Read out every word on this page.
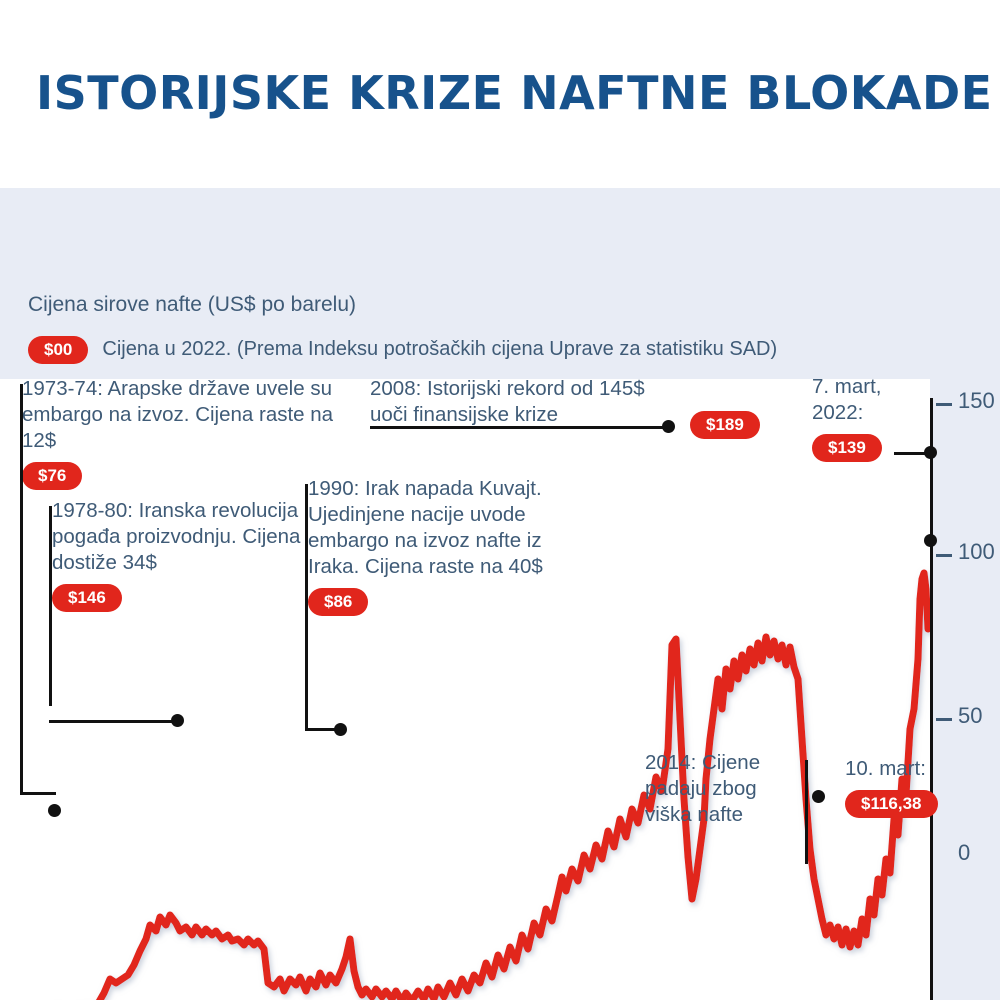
ISTORIJSKE KRIZE NAFTNE BLOKADE
Cijena sirove nafte (US$ po barelu)
$00	Cijena u 2022. (Prema Indeksu potrošačkih cijena Uprave za statistiku SAD)
150
100
50
0
1973-74: Arapske države uvele su embargo na izvoz. Cijena raste na 12$
$76
1978-80: Iranska revolucija pogađa proizvodnju. Cijena dostiže 34$
$146
1990: Irak napada Kuvajt. Ujedinjene nacije uvode embargo na izvoz nafte iz Iraka. Cijena raste na 40$
$86
2008: Istorijski rekord od 145$ uoči finansijske krize	$189
2014: Cijene padaju zbog viška nafte
7. mart, 2022:
$139
10. mart:
$116,38
